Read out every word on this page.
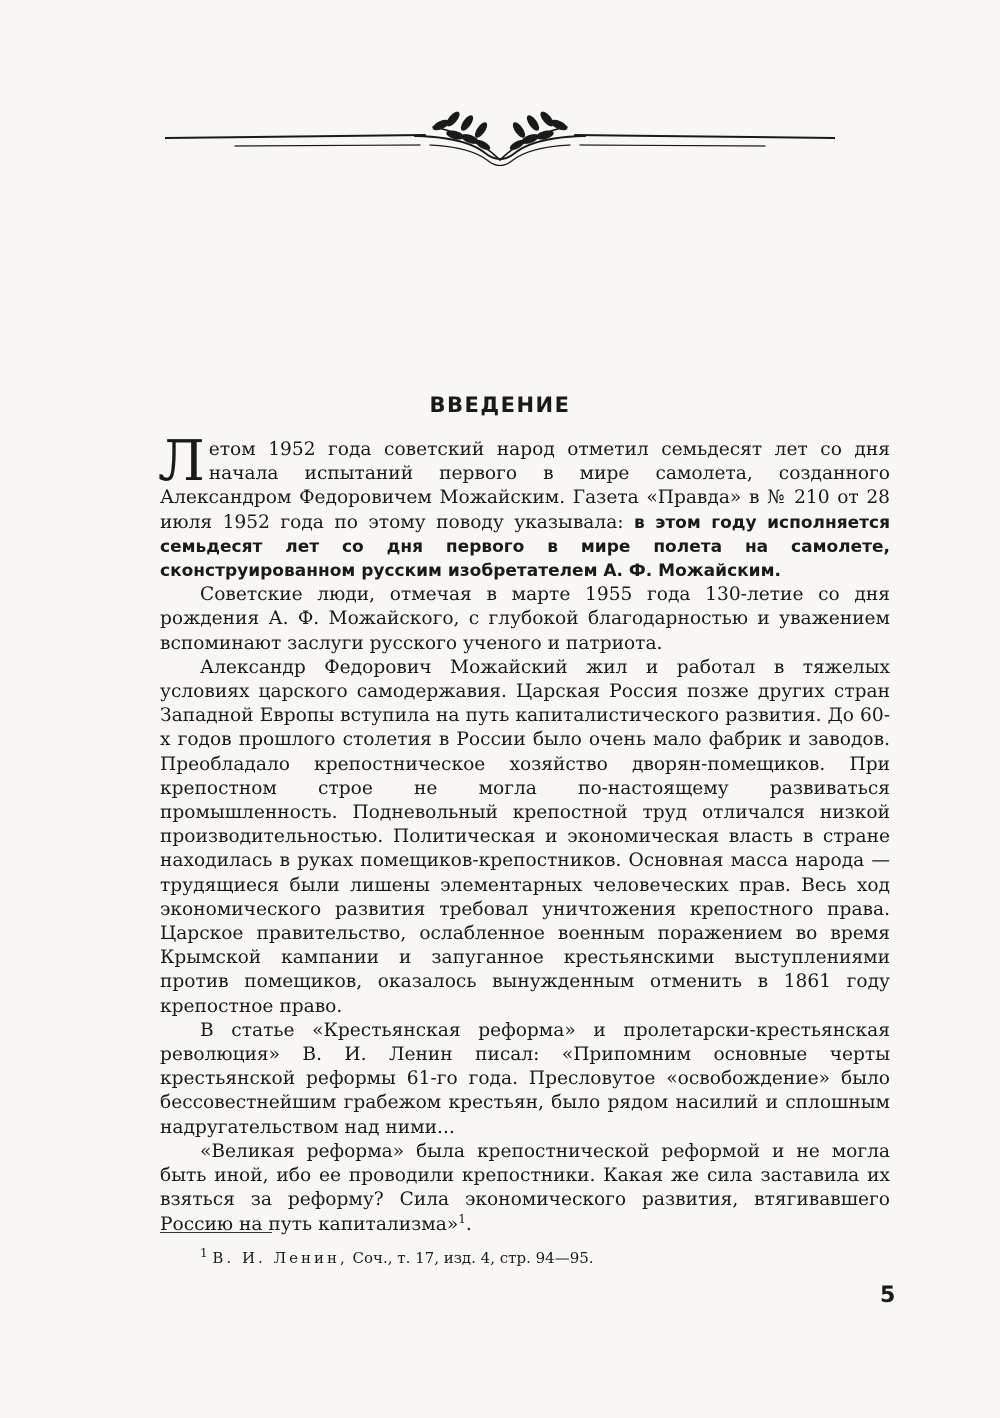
ВВЕДЕНИЕ

Летом 1952 года советский народ отметил семьдесят лет со дня начала испытаний первого в мире самолета, созданного Александром Федоровичем Можайским. Газета «Правда» в № 210 от 28 июля 1952 года по этому поводу указывала: в этом году исполняется семьдесят лет со дня первого в мире полета на самолете, сконструированном русским изобретателем А. Ф. Можайским.

Советские люди, отмечая в марте 1955 года 130-летие со дня рождения А. Ф. Можайского, с глубокой благодарностью и уважением вспоминают заслуги русского ученого и патриота.

Александр Федорович Можайский жил и работал в тяжелых условиях царского самодержавия. Царская Россия позже других стран Западной Европы вступила на путь капиталистического развития. До 60-х годов прошлого столетия в России было очень мало фабрик и заводов. Преобладало крепостническое хозяйство дворян-помещиков. При крепостном строе не могла по-настоящему развиваться промышленность. Подневольный крепостной труд отличался низкой производительностью. Политическая и экономическая власть в стране находилась в руках помещиков-крепостников. Основная масса народа — трудящиеся были лишены элементарных человеческих прав. Весь ход экономического развития требовал уничтожения крепостного права. Царское правительство, ослабленное военным поражением во время Крымской кампании и запуганное крестьянскими выступлениями против помещиков, оказалось вынужденным отменить в 1861 году крепостное право.

В статье «Крестьянская реформа» и пролетарски-крестьянская революция» В. И. Ленин писал: «Припомним основные черты крестьянской реформы 61-го года. Пресловутое «освобождение» было бессовестнейшим грабежом крестьян, было рядом насилий и сплошным надругательством над ними...

«Великая реформа» была крепостнической реформой и не могла быть иной, ибо ее проводили крепостники. Какая же сила заставила их взяться за реформу? Сила экономического развития, втягивавшего Россию на путь капитализма»$^1$.

$^1$ В. И. Ленин, Соч., т. 17, изд. 4, стр. 94—95.
5
